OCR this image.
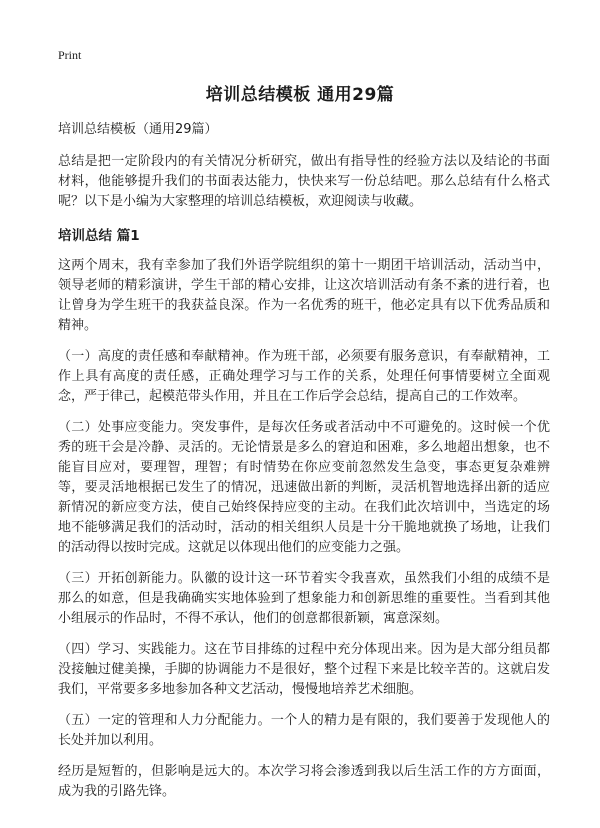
Print
培训总结模板 通用29篇

培训总结模板（通用29篇）

总结是把一定阶段内的有关情况分析研究，做出有指导性的经验方法以及结论的书面材料，他能够提升我们的书面表达能力，快快来写一份总结吧。那么总结有什么格式呢？以下是小编为大家整理的培训总结模板，欢迎阅读与收藏。

培训总结 篇1

这两个周末，我有幸参加了我们外语学院组织的第十一期团干培训活动，活动当中，领导老师的精彩演讲，学生干部的精心安排，让这次培训活动有条不紊的进行着，也让曾身为学生班干的我获益良深。作为一名优秀的班干，他必定具有以下优秀品质和精神。

（一）高度的责任感和奉献精神。作为班干部，必须要有服务意识，有奉献精神，工作上具有高度的责任感，正确处理学习与工作的关系，处理任何事情要树立全面观念，严于律己，起模范带头作用，并且在工作后学会总结，提高自己的工作效率。

（二）处事应变能力。突发事件，是每次任务或者活动中不可避免的。这时候一个优秀的班干会是冷静、灵活的。无论情景是多么的窘迫和困难，多么地超出想象，也不能盲目应对，要理智，理智；有时情势在你应变前忽然发生急变，事态更复杂难辨等，要灵活地根据已发生了的情况，迅速做出新的判断，灵活机智地选择出新的适应新情况的新应变方法，使自己始终保持应变的主动。在我们此次培训中，当选定的场地不能够满足我们的活动时，活动的相关组织人员是十分干脆地就换了场地，让我们的活动得以按时完成。这就足以体现出他们的应变能力之强。

（三）开拓创新能力。队徽的设计这一环节着实令我喜欢，虽然我们小组的成绩不是那么的如意，但是我确确实实地体验到了想象能力和创新思维的重要性。当看到其他小组展示的作品时，不得不承认，他们的创意都很新颖，寓意深刻。

（四）学习、实践能力。这在节目排练的过程中充分体现出来。因为是大部分组员都没接触过健美操，手脚的协调能力不是很好，整个过程下来是比较辛苦的。这就启发我们，平常要多多地参加各种文艺活动，慢慢地培养艺术细胞。

（五）一定的管理和人力分配能力。一个人的精力是有限的，我们要善于发现他人的长处并加以利用。

经历是短暂的，但影响是远大的。本次学习将会渗透到我以后生活工作的方方面面，成为我的引路先锋。
